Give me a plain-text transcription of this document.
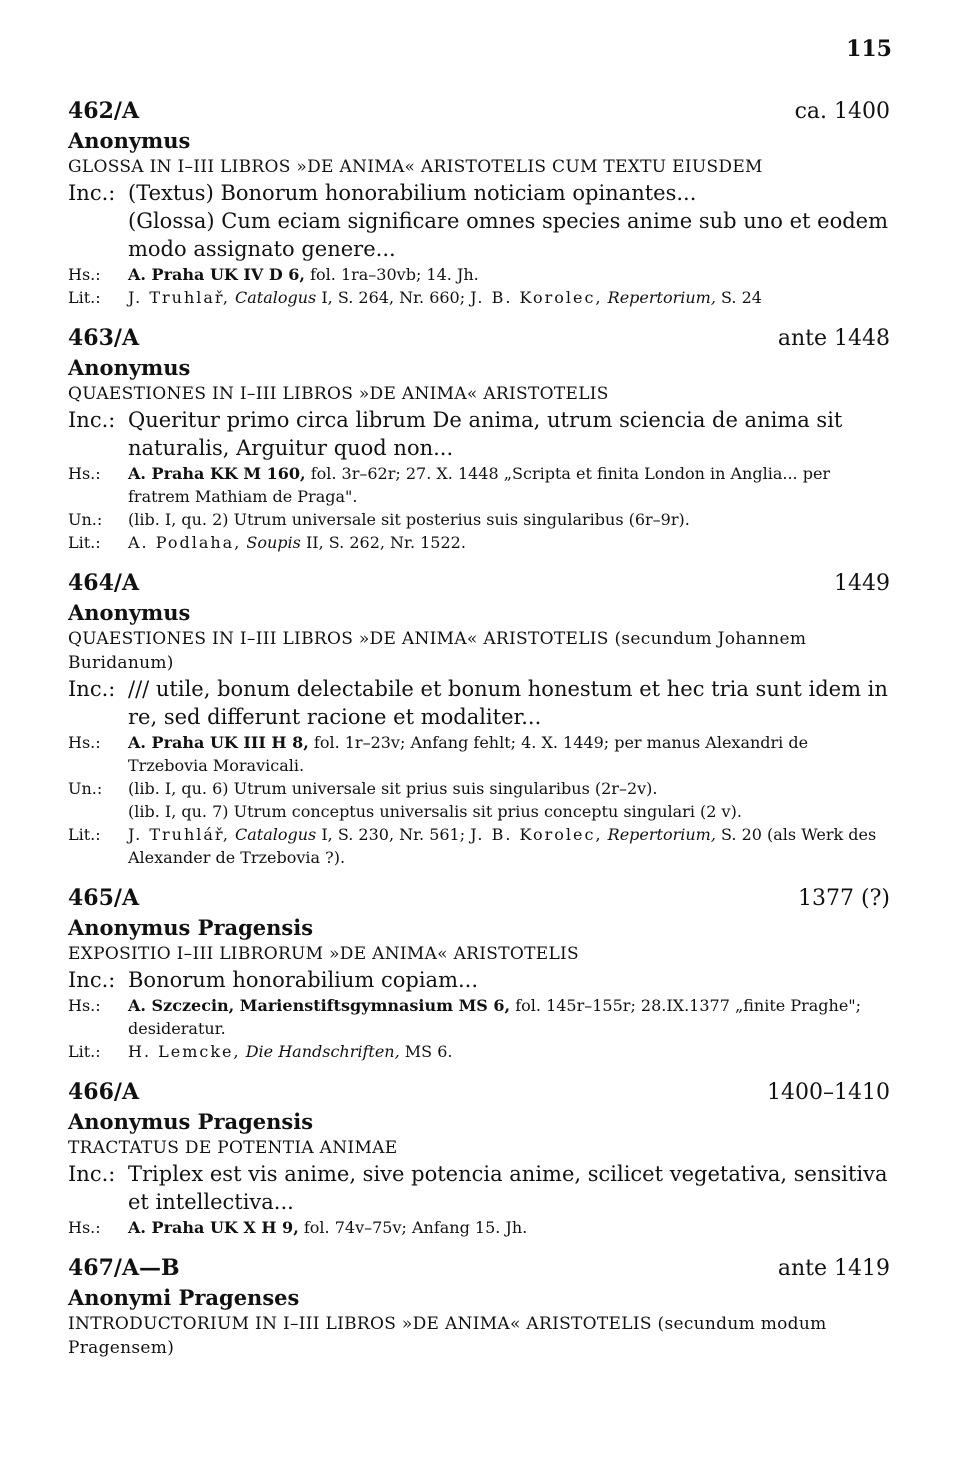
115
462/A	ca. 1400
Anonymus
GLOSSA IN I–III LIBROS »DE ANIMA« ARISTOTELIS CUM TEXTU EIUSDEM
Inc.: (Textus) Bonorum honorabilium noticiam opinantes...
(Glossa) Cum eciam significare omnes species anime sub uno et eodem modo assignato genere...
Hs.:	A. Praha UK IV D 6, fol. 1ra–30vb; 14. Jh.
Lit.:	J. Truhlař, Catalogus I, S. 264, Nr. 660; J. B. Korolec, Repertorium, S. 24
463/A	ante 1448
Anonymus
QUAESTIONES IN I–III LIBROS »DE ANIMA« ARISTOTELIS
Inc.: Queritur primo circa librum De anima, utrum sciencia de anima sit naturalis, Arguitur quod non...
Hs.:	A. Praha KK M 160, fol. 3r–62r; 27. X. 1448 „Scripta et finita London in Anglia... per fratrem Mathiam de Praga".
Un.:	(lib. I, qu. 2) Utrum universale sit posterius suis singularibus (6r–9r).
Lit.:	A. Podlaha, Soupis II, S. 262, Nr. 1522.
464/A	1449
Anonymus
QUAESTIONES IN I–III LIBROS »DE ANIMA« ARISTOTELIS (secundum Johannem Buridanum)
Inc.: /// utile, bonum delectabile et bonum honestum et hec tria sunt idem in re, sed differunt racione et modaliter...
Hs.:	A. Praha UK III H 8, fol. 1r–23v; Anfang fehlt; 4. X. 1449; per manus Alexandri de Trzebovia Moravicali.
Un.:	(lib. I, qu. 6) Utrum universale sit prius suis singularibus (2r–2v).
(lib. I, qu. 7) Utrum conceptus universalis sit prius conceptu singulari (2 v).
Lit.:	J. Truhlář, Catalogus I, S. 230, Nr. 561; J. B. Korolec, Repertorium, S. 20 (als Werk des Alexander de Trzebovia ?).
465/A	1377 (?)
Anonymus Pragensis
EXPOSITIO I–III LIBRORUM »DE ANIMA« ARISTOTELIS
Inc.: Bonorum honorabilium copiam...
Hs.:	A. Szczecin, Marienstiftsgymnasium MS 6, fol. 145r–155r; 28.IX.1377 „finite Praghe"; desideratur.
Lit.:	H. Lemcke, Die Handschriften, MS 6.
466/A	1400–1410
Anonymus Pragensis
TRACTATUS DE POTENTIA ANIMAE
Inc.: Triplex est vis anime, sive potencia anime, scilicet vegetativa, sensitiva et intellectiva...
Hs.:	A. Praha UK X H 9, fol. 74v–75v; Anfang 15. Jh.
467/A—B	ante 1419
Anonymi Pragenses
INTRODUCTORIUM IN I–III LIBROS »DE ANIMA« ARISTOTELIS (secundum modum Pragensem)
